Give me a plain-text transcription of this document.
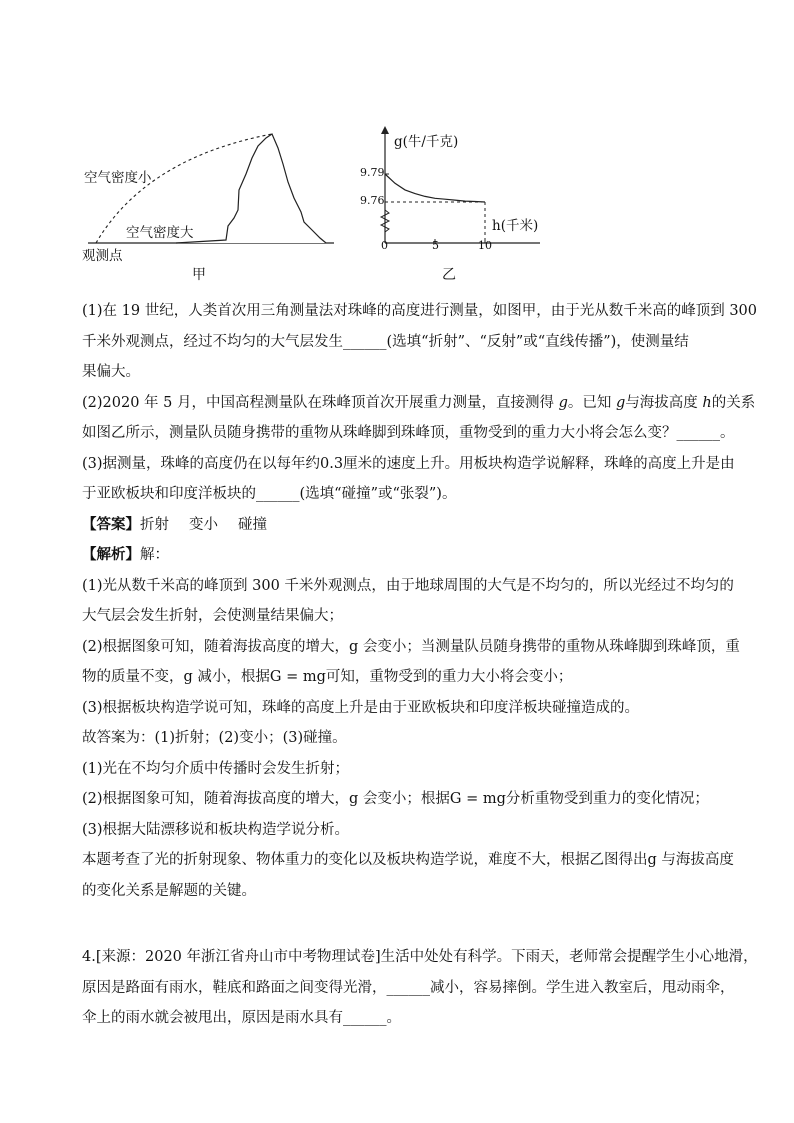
空气密度小
空气密度大
观测点
甲
g(牛/千克)
h(千米)
9.79
9.76
0	5	10
乙
(1)在 19 世纪，人类首次用三角测量法对珠峰的高度进行测量，如图甲，由于光从数千米高的峰顶到 300
千米外观测点，经过不均匀的大气层发生______(选填“折射”、“反射”或“直线传播”)，使测量结
果偏大。
(2)2020 年 5 月，中国高程测量队在珠峰顶首次开展重力测量，直接测得 g。已知 g与海拔高度 h的关系
如图乙所示，测量队员随身携带的重物从珠峰脚到珠峰顶，重物受到的重力大小将会怎么变？______。
(3)据测量，珠峰的高度仍在以每年约0.3厘米的速度上升。用板块构造学说解释，珠峰的高度上升是由
于亚欧板块和印度洋板块的______(选填“碰撞”或“张裂”)。
【答案】折射 变小 碰撞
【解析】解：
(1)光从数千米高的峰顶到 300 千米外观测点，由于地球周围的大气是不均匀的，所以光经过不均匀的
大气层会发生折射，会使测量结果偏大；
(2)根据图象可知，随着海拔高度的增大，g 会变小；当测量队员随身携带的重物从珠峰脚到珠峰顶，重
物的质量不变，g 减小，根据G = mg可知，重物受到的重力大小将会变小；
(3)根据板块构造学说可知，珠峰的高度上升是由于亚欧板块和印度洋板块碰撞造成的。
故答案为：(1)折射；(2)变小；(3)碰撞。
(1)光在不均匀介质中传播时会发生折射；
(2)根据图象可知，随着海拔高度的增大，g 会变小；根据G = mg分析重物受到重力的变化情况；
(3)根据大陆漂移说和板块构造学说分析。
本题考查了光的折射现象、物体重力的变化以及板块构造学说，难度不大，根据乙图得出g 与海拔高度
的变化关系是解题的关键。
4.[来源：2020 年浙江省舟山市中考物理试卷]生活中处处有科学。下雨天，老师常会提醒学生小心地滑，
原因是路面有雨水，鞋底和路面之间变得光滑，______减小，容易摔倒。学生进入教室后，甩动雨伞，
伞上的雨水就会被甩出，原因是雨水具有______。
